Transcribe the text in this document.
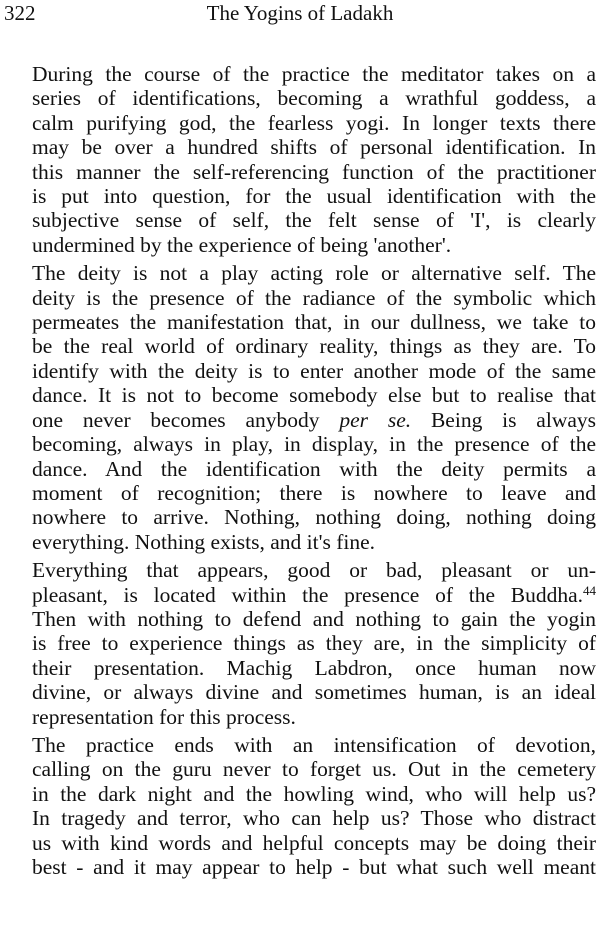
322	The Yogins of Ladakh
During the course of the practice the meditator takes on a
series of identifications, becoming a wrathful goddess, a
calm purifying god, the fearless yogi. In longer texts there
may be over a hundred shifts of personal identification. In
this manner the self-referencing function of the practitioner
is put into question, for the usual identification with the
subjective sense of self, the felt sense of 'I', is clearly
undermined by the experience of being 'another'.
The deity is not a play acting role or alternative self. The
deity is the presence of the radiance of the symbolic which
permeates the manifestation that, in our dullness, we take to
be the real world of ordinary reality, things as they are. To
identify with the deity is to enter another mode of the same
dance. It is not to become somebody else but to realise that
one never becomes anybody per se. Being is always
becoming, always in play, in display, in the presence of the
dance. And the identification with the deity permits a
moment of recognition; there is nowhere to leave and
nowhere to arrive. Nothing, nothing doing, nothing doing
everything. Nothing exists, and it's fine.
Everything that appears, good or bad, pleasant or un-
pleasant, is located within the presence of the Buddha.$^{44}$
Then with nothing to defend and nothing to gain the yogin
is free to experience things as they are, in the simplicity of
their presentation. Machig Labdron, once human now
divine, or always divine and sometimes human, is an ideal
representation for this process.
The practice ends with an intensification of devotion,
calling on the guru never to forget us. Out in the cemetery
in the dark night and the howling wind, who will help us?
In tragedy and terror, who can help us? Those who distract
us with kind words and helpful concepts may be doing their
best - and it may appear to help - but what such well meant
